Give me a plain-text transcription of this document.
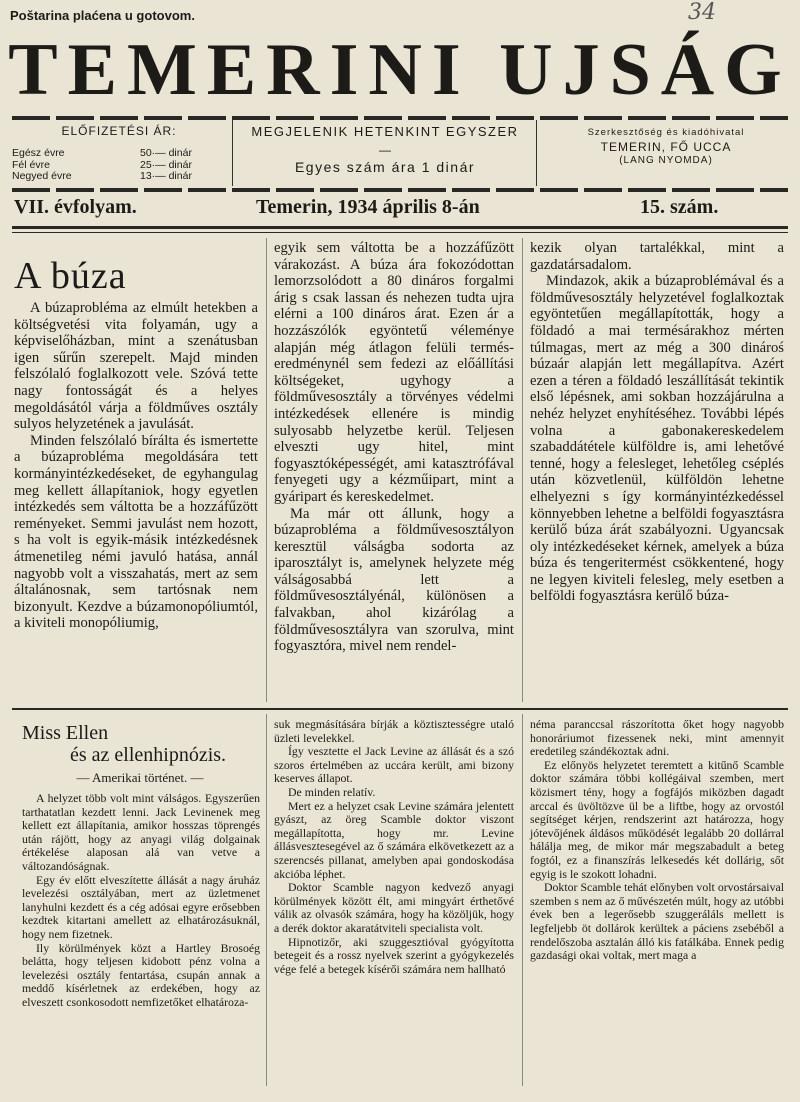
Poštarina plaćena u gotovom.	34
TEMERINI UJSÁG
ELŐFIZETÉSI ÁR:
Egész évre	50·— dinár
Fél évre	25·— dinár
Negyed évre	13·— dinár
MEGJELENIK HETENKINT EGYSZER
—
Egyes szám ára 1 dinár
Szerkesztőség és kiadóhivatal
TEMERIN, FŐ UCCA
(LANG NYOMDA)
VII. évfolyam.	Temerin, 1934 április 8-án	15. szám.
A búza

A búzaprobléma az elmúlt hetekben a költségvetési vita folyamán, ugy a képviselőházban, mint a szenátusban igen sűrűn szerepelt. Majd minden felszólaló foglalkozott vele. Szóvá tette nagy fontosságát és a helyes megoldásától várja a földműves osztály sulyos helyzetének a javulását.

Minden felszólaló bírálta és ismertette a búzaprobléma megoldására tett kormányintézkedéseket, de egyhangulag meg kellett állapítaniok, hogy egyetlen intézkedés sem váltotta be a hozzáfűzött reményeket. Semmi javulást nem hozott, s ha volt is egyik-másik intézkedésnek átmenetileg némi javuló hatása, annál nagyobb volt a visszahatás, mert az sem általánosnak, sem tartósnak nem bizonyult. Kezdve a búzamonopóliumtól, a kiviteli monopóliumig,

egyik sem váltotta be a hozzáfűzött várakozást. A búza ára fokozódottan lemorzsolódott a 80 dináros forgalmi árig s csak lassan és nehezen tudta ujra elérni a 100 dináros árat. Ezen ár a hozzászólók egyöntetű véleménye alapján még átlagon felüli termés-eredménynél sem fedezi az előállítási költségeket, ugyhogy a földművesosztály a törvényes védelmi intézkedések ellenére is mindig sulyosabb helyzetbe kerül. Teljesen elveszti ugy hitel, mint fogyasztóképességét, ami katasztrófával fenyegeti ugy a kézműipart, mint a gyáripart és kereskedelmet.

Ma már ott állunk, hogy a búzaprobléma a földművesosztályon keresztül válságba sodorta az iparosztályt is, amelynek helyzete még válságosabbá lett a földművesosztályénál, különösen a falvakban, ahol kizárólag a földművesosztályra van szorulva, mint fogyasztóra, mivel nem rendel-

kezik olyan tartalékkal, mint a gazdatársadalom.

Mindazok, akik a búzaproblémával és a földművesosztály helyzetével foglalkoztak egyöntetűen megállapították, hogy a földadó a mai termésárakhoz mérten túlmagas, mert az még a 300 dinároś búzaár alapján lett megállapítva. Azért ezen a téren a földadó leszállítását tekintik első lépésnek, ami sokban hozzájárulna a nehéz helyzet enyhítéséhez. További lépés volna a gabonakereskedelem szabaddátétele külföldre is, ami lehetővé tenné, hogy a felesleget, lehetőleg cséplés után közvetlenül, külföldön lehetne elhelyezni s így kormányintézkedéssel könnyebben lehetne a belföldi fogyasztásra kerülő búza árát szabályozni. Ugyancsak oly intézkedéseket kérnek, amelyek a búza búza és tengeritermést csökkentené, hogy ne legyen kiviteli felesleg, mely esetben a belföldi fogyasztásra kerülő búza-

Miss Ellen
és az ellenhipnózis.
— Amerikai történet. —

A helyzet több volt mint válságos. Egyszerűen tarthatatlan kezdett lenni. Jack Levinenek meg kellett ezt állapítania, amikor hosszas töprengés után rájött, hogy az anyagi világ dolgainak értékelése alaposan alá van vetve a változandóságnak.

Egy év előtt elveszítette állását a nagy áruház levelezési osztályában, mert az üzletmenet lanyhulni kezdett és a cég adósai egyre erősebben kezdtek kitartani amellett az elhatározásuknál, hogy nem fizetnek.

Ily körülmények közt a Hartley Brosoég belátta, hogy teljesen kidobott pénz volna a levelezési osztály fentartása, csupán annak a meddő kísérletnek az erdekében, hogy az elveszett csonkosodott nemfizetőket elhatároza-

suk megmásítására bírják a köztisztességre utaló üzleti levelekkel.

Így vesztette el Jack Levine az állását és a szó szoros értelmében az uccára került, ami bizony keserves állapot.

De minden relatív.

Mert ez a helyzet csak Levine számára jelentett gyászt, az öreg Scamble doktor viszont megállapította, hogy mr. Levine állásvesztesegével az ő számára elkövetkezett az a szerencsés pillanat, amelyben apai gondoskodása akcióba léphet.

Doktor Scamble nagyon kedvező anyagi körülmények között élt, ami mingyárt érthetővé válik az olvasók számára, hogy ha közöljük, hogy a derék doktor akaratátviteli specialista volt.

Hipnotizőr, aki szuggesztióval gyógyította betegeit és a rossz nyelvek szerint a gyógykezelés vége felé a betegek kísérői számára nem hallható

néma paranccsal rászorította őket hogy nagyobb honoráriumot fizessenek neki, mint amennyit eredetileg szándékoztak adni.

Ez előnyös helyzetet teremtett a kitűnő Scamble doktor számára többi kollégáival szemben, mert közismert tény, hogy a fogfájós miközben dagadt arccal és üvöltözve ül be a liftbe, hogy az orvostól segítséget kérjen, rendszerint azt határozza, hogy jótevőjének áldásos működését legalább 20 dollárral hálálja meg, de mikor már megszabadult a beteg fogtól, ez a finanszírás lelkesedés két dollárig, sőt egyig is le szokott lohadni.

Doktor Scamble tehát előnyben volt orvostársaival szemben s nem az ő művészetén múlt, hogy az utóbbi évek ben a legerősebb szuggeráláls mellett is legfeljebb öt dollárok kerültek a páciens zsebéből a rendelőszoba asztalán álló kis fatálkába. Ennek pedig gazdasági okai voltak, mert maga a
